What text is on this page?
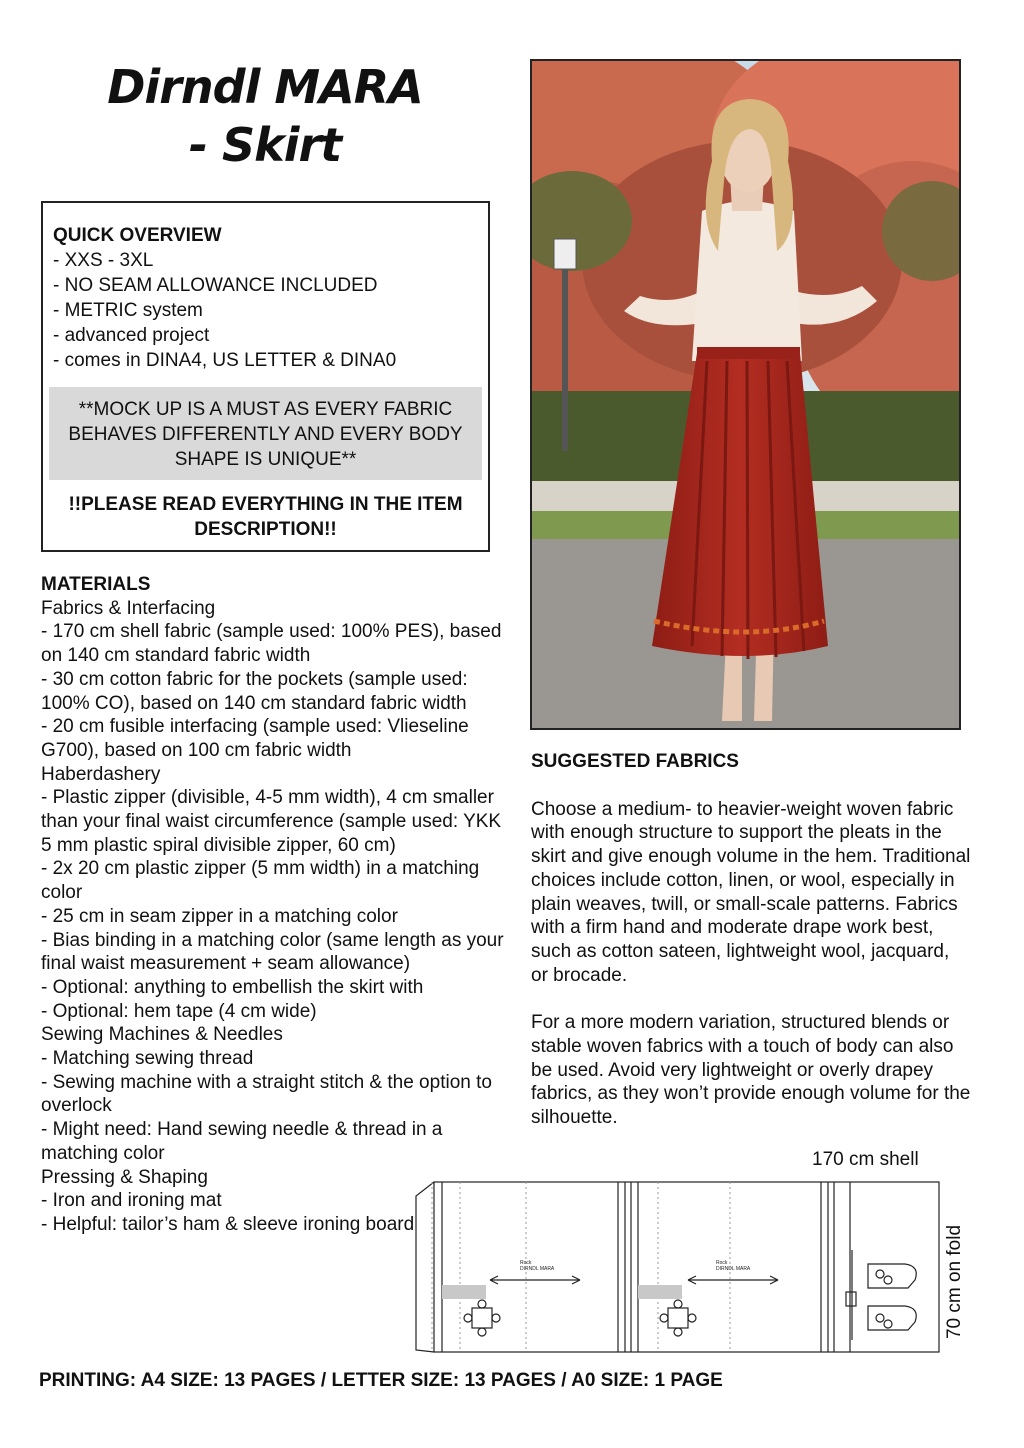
Dirndl MARA
- Skirt
QUICK OVERVIEW
- XXS - 3XL
- NO SEAM ALLOWANCE INCLUDED
- METRIC system
- advanced project
- comes in DINA4, US LETTER & DINA0
**MOCK UP IS A MUST AS EVERY FABRIC BEHAVES DIFFERENTLY AND EVERY BODY SHAPE IS UNIQUE**
!!PLEASE READ EVERYTHING IN THE ITEM DESCRIPTION!!
MATERIALS
Fabrics & Interfacing
- 170 cm shell fabric (sample used: 100% PES), based on 140 cm standard fabric width
- 30 cm cotton fabric for the pockets (sample used: 100% CO), based on 140 cm standard fabric width
- 20 cm fusible interfacing (sample used: Vlieseline G700), based on 100 cm fabric width
Haberdashery
- Plastic zipper (divisible, 4-5 mm width), 4 cm smaller than your final waist circumference (sample used: YKK 5 mm plastic spiral divisible zipper, 60 cm)
- 2x 20 cm plastic zipper (5 mm width) in a matching color
- 25 cm in seam zipper in a matching color
- Bias binding in a matching color (same length as your final waist measurement + seam allowance)
- Optional: anything to embellish the skirt with
- Optional: hem tape (4 cm wide)
Sewing Machines & Needles
- Matching sewing thread
- Sewing machine with a straight stitch & the option to overlock
- Might need: Hand sewing needle & thread in a matching color
Pressing & Shaping
- Iron and ironing mat
- Helpful: tailor’s ham & sleeve ironing board
SUGGESTED FABRICS

Choose a medium- to heavier-weight woven fabric with enough structure to support the pleats in the skirt and give enough volume in the hem. Traditional choices include cotton, linen, or wool, especially in plain weaves, twill, or small-scale patterns. Fabrics with a firm hand and moderate drape work best, such as cotton sateen, lightweight wool, jacquard, or brocade.

For a more modern variation, structured blends or stable woven fabrics with a touch of body can also be used. Avoid very lightweight or overly drapey fabrics, as they won’t provide enough volume for the silhouette.

170 cm shell
70 cm on fold
DIRNDL MARA
Rock
DIRNDL MARA
Rock
PRINTING: A4 SIZE: 13 PAGES / LETTER SIZE: 13 PAGES / A0 SIZE: 1 PAGE
